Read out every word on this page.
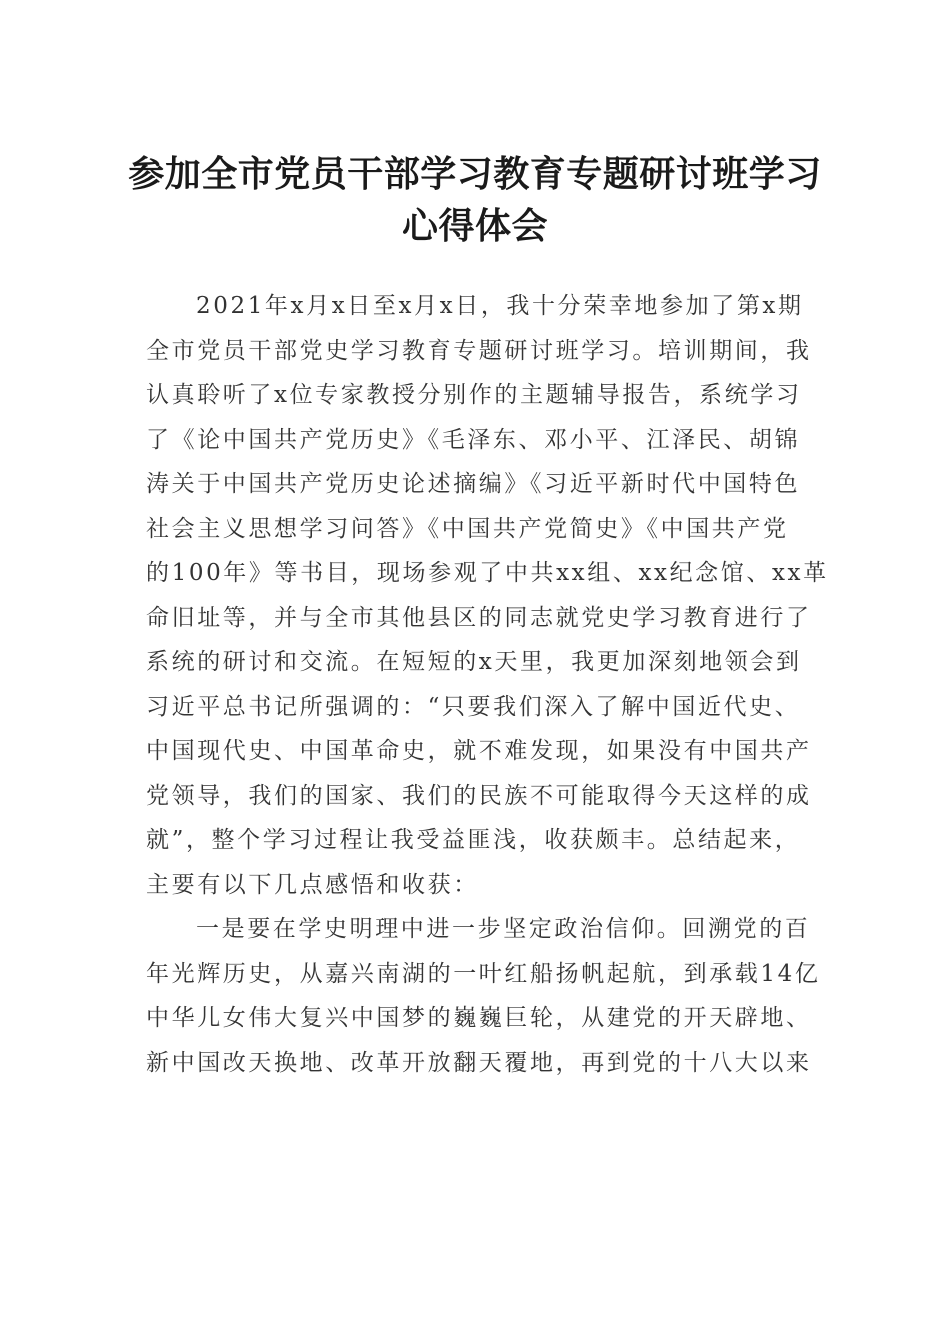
参加全市党员干部学习教育专题研讨班学习
心得体会
2021年x月x日至x月x日，我十分荣幸地参加了第x期
全市党员干部党史学习教育专题研讨班学习。培训期间，我
认真聆听了x位专家教授分别作的主题辅导报告，系统学习
了《论中国共产党历史》《毛泽东、邓小平、江泽民、胡锦
涛关于中国共产党历史论述摘编》《习近平新时代中国特色
社会主义思想学习问答》《中国共产党简史》《中国共产党
的100年》等书目，现场参观了中共xx组、xx纪念馆、xx革
命旧址等，并与全市其他县区的同志就党史学习教育进行了
系统的研讨和交流。在短短的x天里，我更加深刻地领会到
习近平总书记所强调的：“只要我们深入了解中国近代史、
中国现代史、中国革命史，就不难发现，如果没有中国共产
党领导，我们的国家、我们的民族不可能取得今天这样的成
就”，整个学习过程让我受益匪浅，收获颇丰。总结起来，
主要有以下几点感悟和收获：
一是要在学史明理中进一步坚定政治信仰。回溯党的百
年光辉历史，从嘉兴南湖的一叶红船扬帆起航，到承载14亿
中华儿女伟大复兴中国梦的巍巍巨轮，从建党的开天辟地、
新中国改天换地、改革开放翻天覆地，再到党的十八大以来
